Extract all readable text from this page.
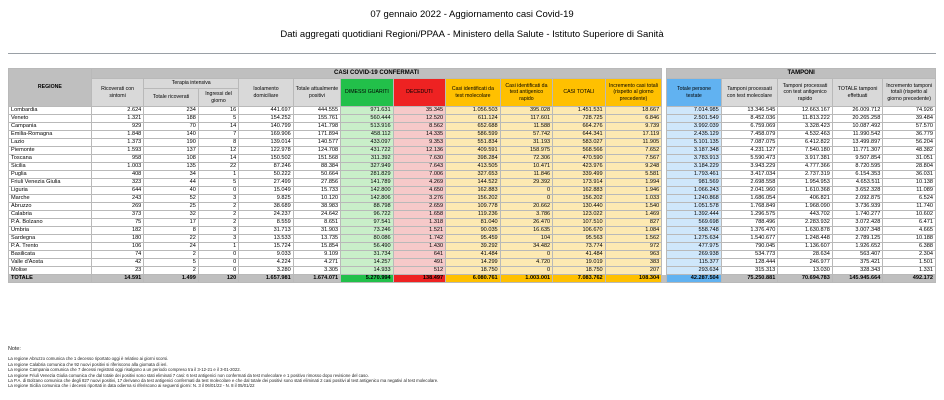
07 gennaio 2022 - Aggiornamento casi Covid-19
Dati aggregati quotidiani Regioni/PPAA - Ministero della Salute - Istituto Superiore di Sanità
REGIONE	CASI COVID-19 CONFERMATI												TAMPONI				
	Ricoverati con sintomi	Terapia intensiva		Isolamento domiciliare	Totale attualmente positivi	DIMESSI GUARITI	DECEDUTI	Casi identificati da test molecolare	Casi identificati da test antigenico rapido	CASI TOTALI	Incremento casi totali (rispetto al giorno precedente)		Totale persone testate	Tamponi processati con test molecolare	Tamponi processati con test antigenico rapido	TOTALE tamponi effettuati	Incremento tamponi totali (rispetto al giorno precedente)
		Totale ricoverati	Ingressi del giorno														
Lombardia	2.624	234	16	441.697	444.555	971.631	35.345	1.056.503	395.028	1.451.531	18.667		7.014.985	13.346.545	12.663.167	26.009.712	74.926
Veneto	1.321	188	5	154.252	155.761	560.444	12.520	611.124	117.601	728.725	6.846		2.501.549	8.452.036	11.813.222	20.265.258	39.484
Campania	929	70	14	140.799	141.798	513.916	8.562	652.688	11.588	664.276	9.739		3.992.039	6.759.069	3.328.423	10.087.492	57.570
Emilia-Romagna	1.848	140	7	169.906	171.894	458.112	14.335	586.599	57.742	644.341	17.119		2.435.129	7.458.079	4.532.463	11.990.542	36.779
Lazio	1.373	190	8	139.014	140.577	433.097	9.353	551.834	31.193	583.027	11.905		5.101.135	7.087.075	6.412.822	13.499.897	56.204
Piemonte	1.593	137	12	122.978	124.708	431.722	12.136	409.591	158.975	568.566	7.652		3.187.348	4.231.127	7.540.180	11.771.307	48.382
Toscana	958	108	14	150.502	151.568	311.392	7.630	398.284	72.306	470.590	7.567		3.783.913	5.590.473	3.917.381	9.507.854	31.051
Sicilia	1.003	135	22	87.246	88.384	327.949	7.643	413.505	10.471	423.976	9.248		3.184.229	3.943.229	4.777.366	8.720.595	28.804
Puglia	408	34	1	50.222	50.664	281.829	7.006	327.653	11.846	339.499	5.581		1.793.461	3.417.034	2.737.319	6.154.353	36.031
Friuli Venezia Giulia	323	44	5	27.499	27.856	141.789	4.269	144.522	29.392	173.914	1.994		981.569	2.698.558	1.954.953	4.653.511	10.138
Liguria	644	40	0	15.049	15.733	142.800	4.650	162.883	0	162.883	1.946		1.066.243	2.041.960	1.610.368	3.652.328	11.089
Marche	243	52	3	9.825	10.120	142.806	3.276	156.202	0	156.202	1.033		1.240.868	1.686.054	406.821	2.092.875	6.524
Abruzzo	269	25	2	38.689	38.983	88.798	2.659	109.778	20.662	130.440	1.540		1.051.578	1.768.849	1.968.090	3.736.939	11.740
Calabria	373	32	2	24.237	24.642	96.722	1.658	119.236	3.786	123.022	1.469		1.392.444	1.296.575	443.702	1.740.277	10.602
P.A. Bolzano	75	17	2	8.559	8.651	97.541	1.318	81.040	26.470	107.510	827		569.698	788.496	2.283.932	3.072.428	6.471
Umbria	182	8	3	31.713	31.903	73.246	1.521	90.035	16.635	106.670	1.084		558.748	1.376.470	1.630.878	3.007.348	4.665
Sardegna	180	22	3	13.533	13.735	80.086	1.742	95.459	104	95.563	1.562		1.275.634	1.540.677	1.248.448	2.789.125	10.188
P.A. Trento	106	24	1	15.724	15.854	56.490	1.430	39.292	34.482	73.774	972		477.975	790.045	1.136.607	1.926.652	6.388
Basilicata	74	2	0	9.033	9.109	31.734	641	41.484	0	41.484	963		269.938	534.773	28.634	563.407	2.304
Valle d'Aosta	42	5	0	4.224	4.271	14.257	491	14.299	4.720	19.019	383		115.377	128.444	246.977	375.421	1.501
Molise	23	2	0	3.280	3.305	14.933	512	18.750	0	18.750	207		293.634	315.313	13.030	328.343	1.331
TOTALE	14.591	1.499	120	1.657.981	1.674.071	5.270.994	138.497	6.080.761	1.003.001	7.083.762	108.304		42.287.504	75.250.881	70.694.783	145.945.664	492.172
Note:
La regione Abruzzo comunica che 1 decesso riportato oggi è relativo ai giorni scorsi.
La regione Calabria comunica che 92 nuovi positivi si riferiscono alla giornata di ieri.
La regione Campania comunica che 7 decessi registrati oggi risalgono a un periodo compreso tra il 3-12-21 e il 3-01-2022.
La regione Friuli Venezia Giulia comunica che dal totale dei positivi sono stati eliminati 7 casi: 6 test antigenici non confermati da test molecolare e 1 positivo rimosso dopo revisione del caso.
La P.A. di Bolzano comunica che degli 827 nuovi positivi, 17 derivano da test antigenici confermati da test molecolare e che dal totale dei positivi sono stati eliminati 2 casi positivi al test antigenico ma negativi al test molecolare.
La regione Sicilia comunica che i decessi riportati in data odierna si riferiscono ai seguenti giorni: N. 3 il 06/01/22 - N. 8 il 05/01/22
